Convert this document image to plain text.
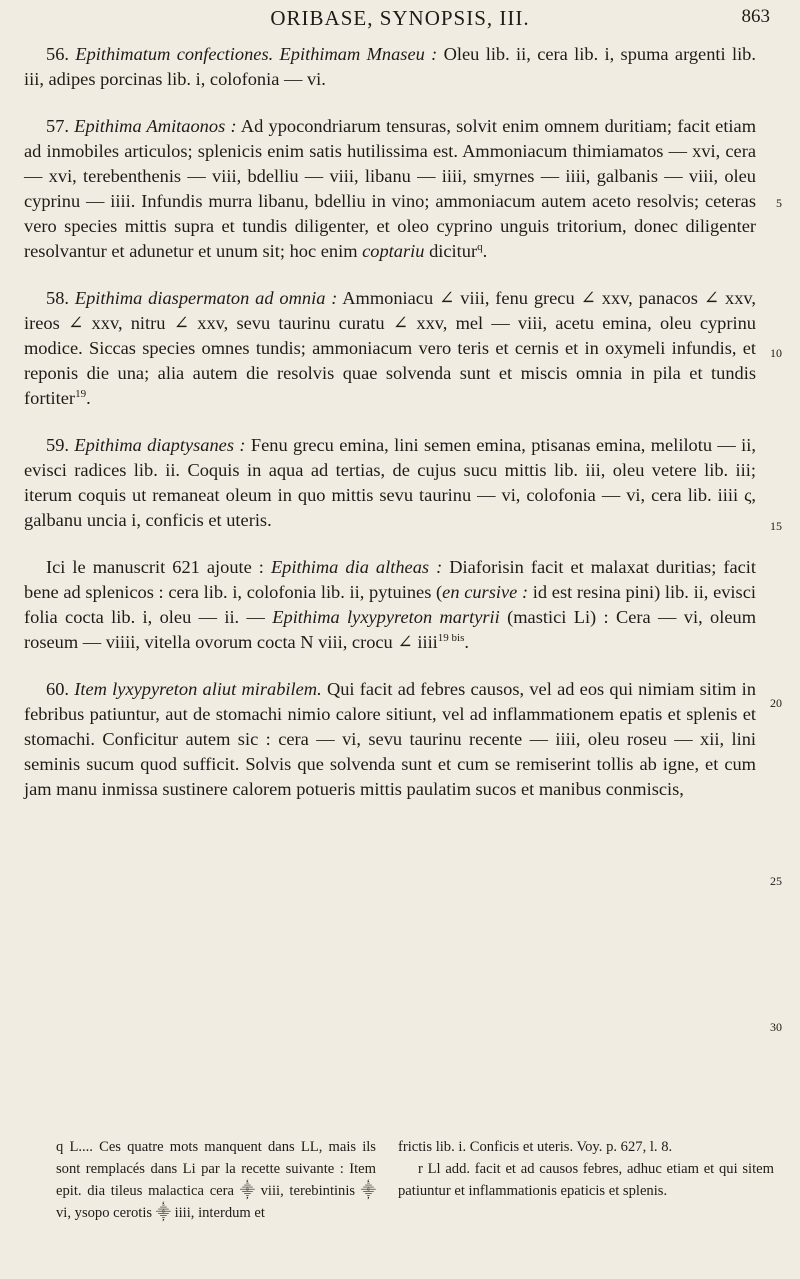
ORIBASE, SYNOPSIS, III.	863

56. Epithimatum confectiones. Epithimam Mnaseu : Oleu lib. ii, cera lib. i, spuma argenti lib. iii, adipes porcinas lib. i, colofonia — vi.

57. Epithima Amitaonos : Ad ypocondriarum tensuras, solvit enim omnem duritiam; facit etiam ad inmobiles articulos; splenicis enim satis hutilissima est. Ammoniacum thimiamatos — xvi, cera — xvi, terebenthenis — viii, bdelliu — viii, libanu — iiii, smyrnes — iiii, galbanis — viii, oleu cyprinu — iiii. Infundis murra libanu, bdelliu in vino; ammoniacum autem aceto resolvis; ceteras vero species mittis supra et tundis diligenter, et oleo cyprino unguis tritorium, donec diligenter resolvantur et adunetur et unum sit; hoc enim coptariu dicitur$^q$.

58. Epithima diaspermaton ad omnia : Ammoniacu ∠ viii, fenu grecu ∠ xxv, panacos ∠ xxv, ireos ∠ xxv, nitru ∠ xxv, sevu taurinu curatu ∠ xxv, mel — viii, acetu emina, oleu cyprinu modice. Siccas species omnes tundis; ammoniacum vero teris et cernis et in oxymeli infundis, et reponis die una; alia autem die resolvis quae solvenda sunt et miscis omnia in pila et tundis fortiter$^{19}$.

59. Epithima diaptysanes : Fenu grecu emina, lini semen emina, ptisanas emina, melilotu — ii, evisci radices lib. ii. Coquis in aqua ad tertias, de cujus sucu mittis lib. iii, oleu vetere lib. iii; iterum coquis ut remaneat oleum in quo mittis sevu taurinu — vi, colofonia — vi, cera lib. iiii ς, galbanu uncia i, conficis et uteris.

Ici le manuscrit 621 ajoute : Epithima dia altheas : Diaforisin facit et malaxat duritias; facit bene ad splenicos : cera lib. i, colofonia lib. ii, pytuines (en cursive : id est resina pini) lib. ii, evisci folia cocta lib. i, oleu — ii. — Epithima lyxypyreton martyrii (mastici Li) : Cera — vi, oleum roseum — viiii, vitella ovorum cocta N viii, crocu ∠ iiii$^{19 bis}$.

60. Item lyxypyreton aliut mirabilem. Qui facit ad febres causos, vel ad eos qui nimiam sitim in febribus patiuntur, aut de stomachi nimio calore sitiunt, vel ad inflammationem epatis et splenis et stomachi. Conficitur autem sic : cera — vi, sevu taurinu recente — iiii, oleu roseu — xii, lini seminis sucum quod sufficit. Solvis que solvenda sunt et cum se remiserint tollis ab igne, et cum jam manu inmissa sustinere calorem potueris mittis paulatim sucos et manibus conmiscis,

5
10
15
20
25
30

q L.... Ces quatre mots manquent dans LL, mais ils sont remplacés dans Li par la recette suivante : Item epit. dia tileus malactica cera ⸎ viii, terebintinis ⸎ vi, ysopo cerotis ⸎ iiii, interdum et

frictis lib. i. Conficis et uteris. Voy. p. 627, l. 8.

r Ll add. facit et ad causos febres, adhuc etiam et qui sitem patiuntur et inflammationis epaticis et splenis.
